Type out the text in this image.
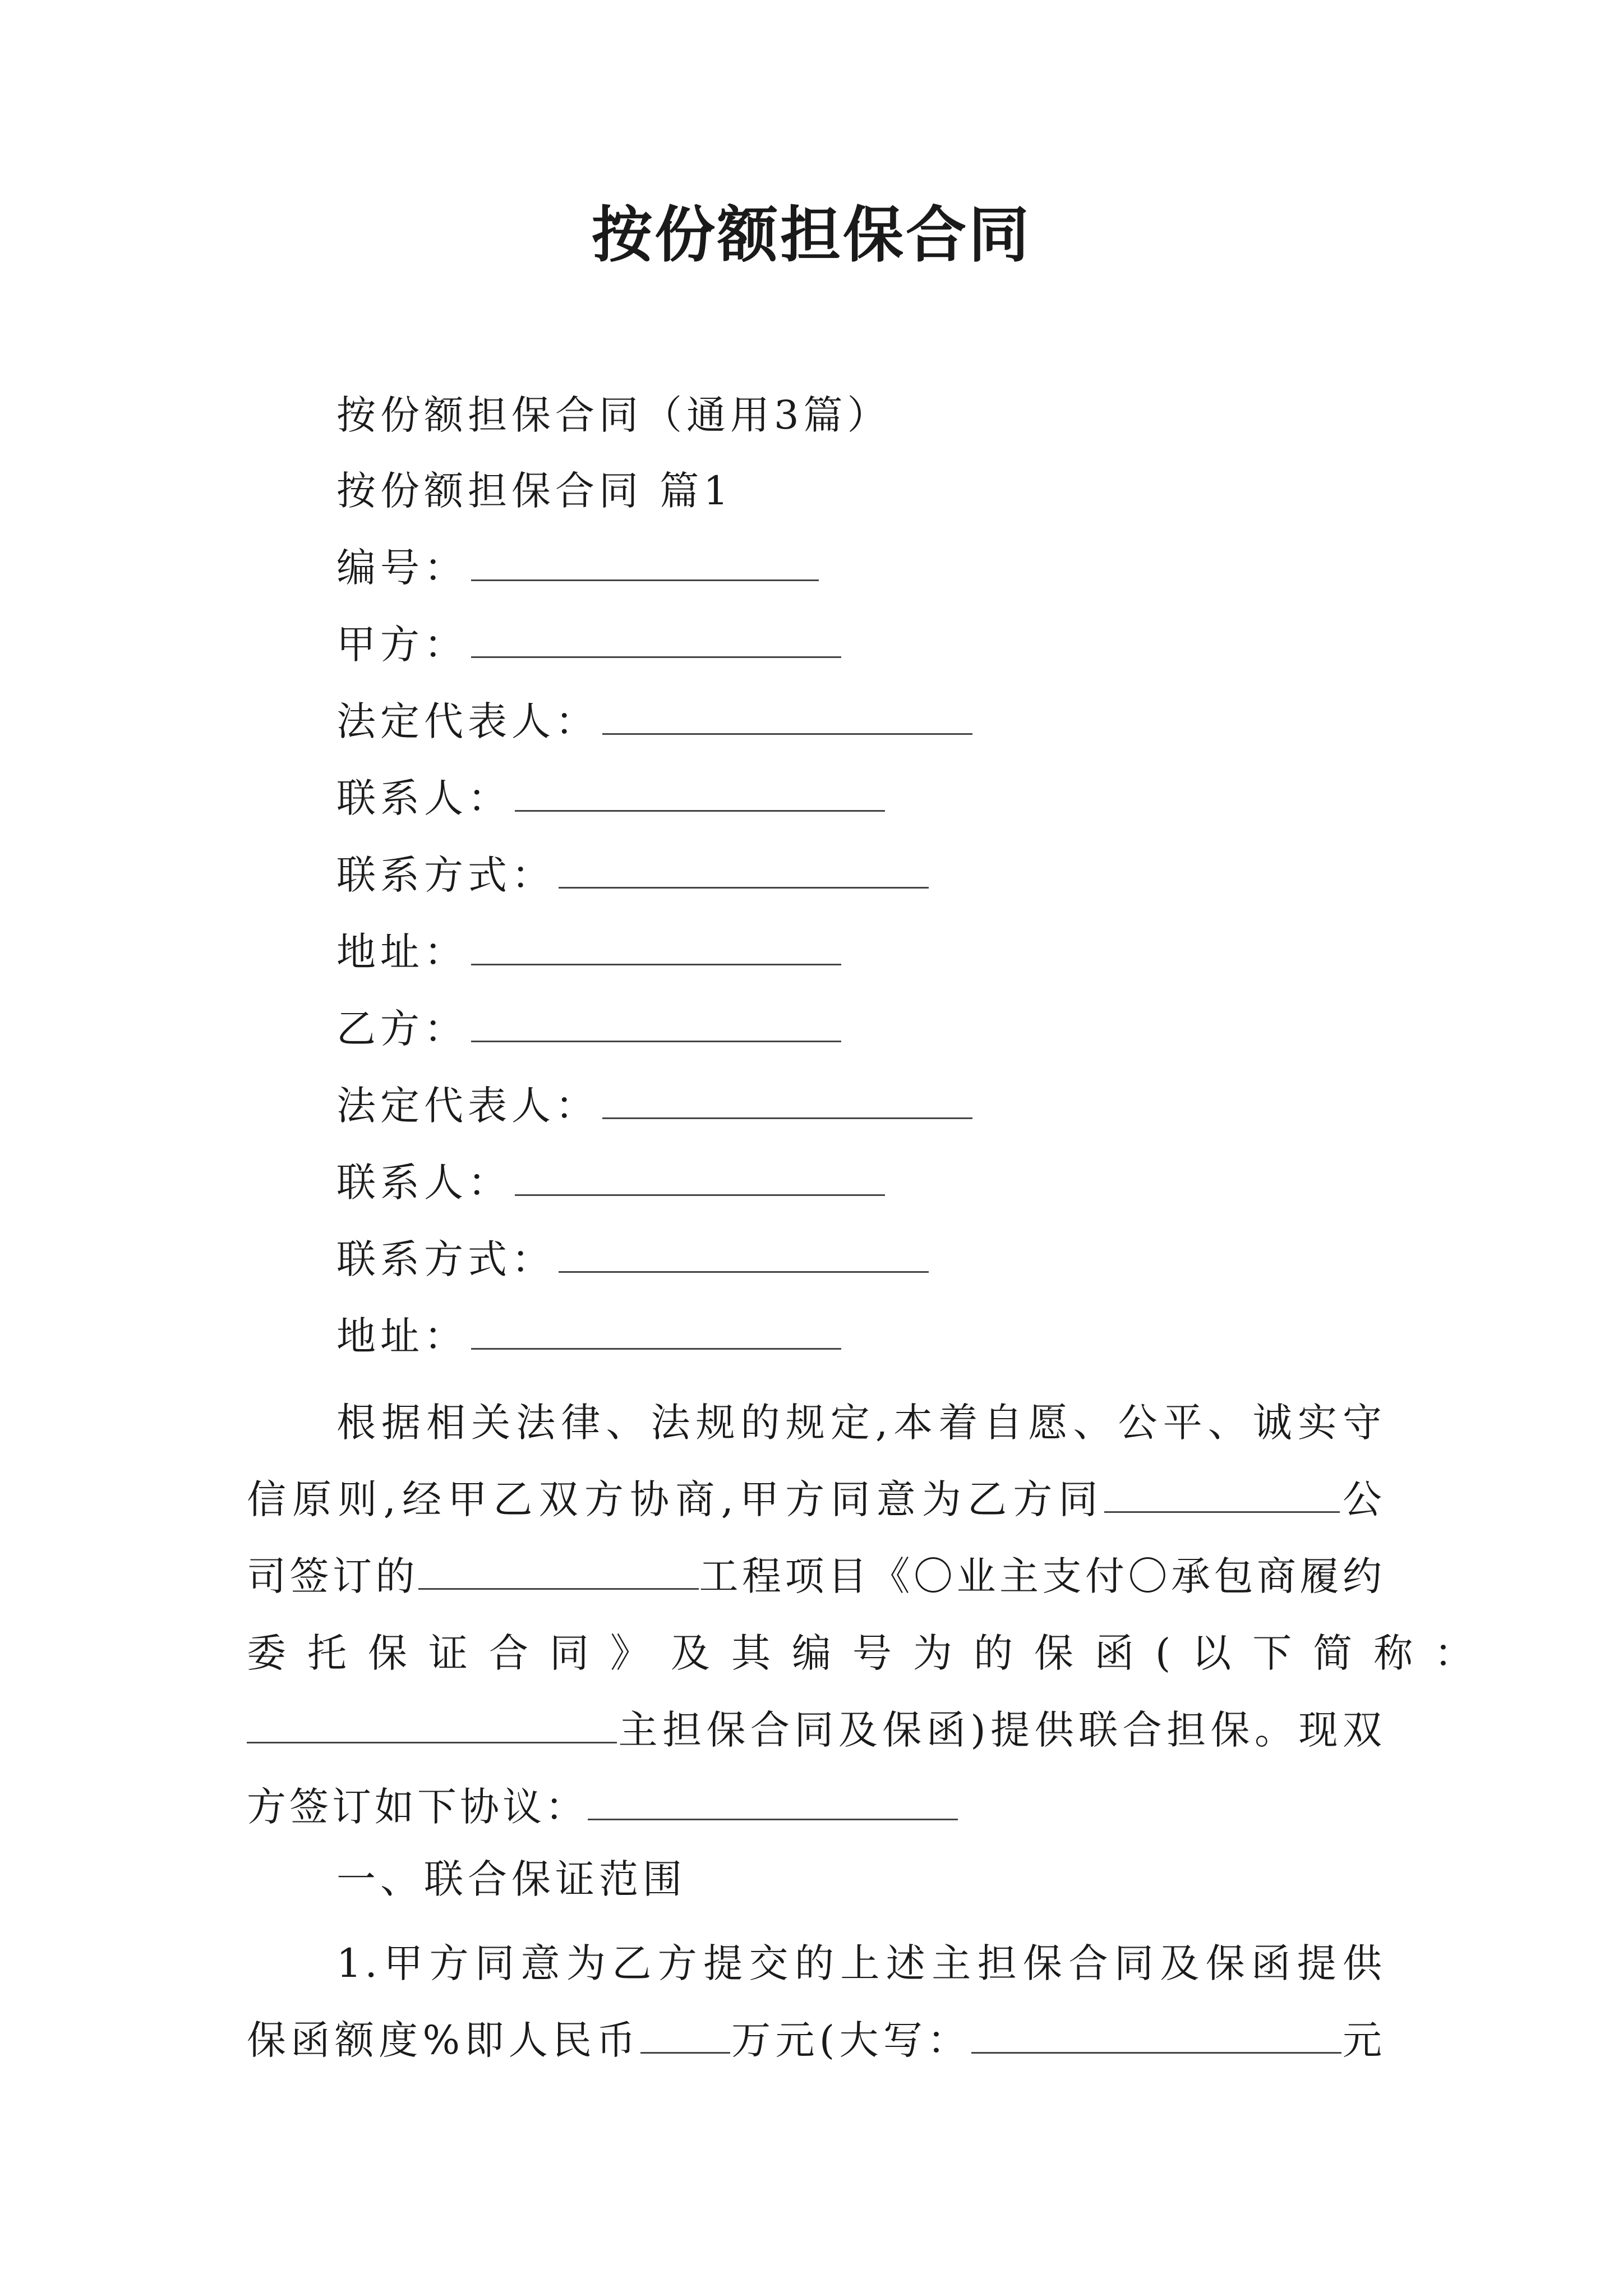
按份额担保合同
按份额担保合同（通用3篇）
按份额担保合同 篇1
编号：
甲方：
法定代表人：
联系人：
联系方式：
地址：
乙方：
法定代表人：
联系人：
联系方式：
地址：
根据相关法律、法规的规定,本着自愿、公平、诚实守
信原则,经甲乙双方协商,甲方同意为乙方同	公
司签订的	工程项目《〇业主支付〇承包商履约
委托保证合同》及其编号为的保函(以下简称：
主担保合同及保函)提供联合担保。现双
方签订如下协议：
一、联合保证范围
1.甲方同意为乙方提交的上述主担保合同及保函提供
保函额度%即人民币 万元(大写：	元
